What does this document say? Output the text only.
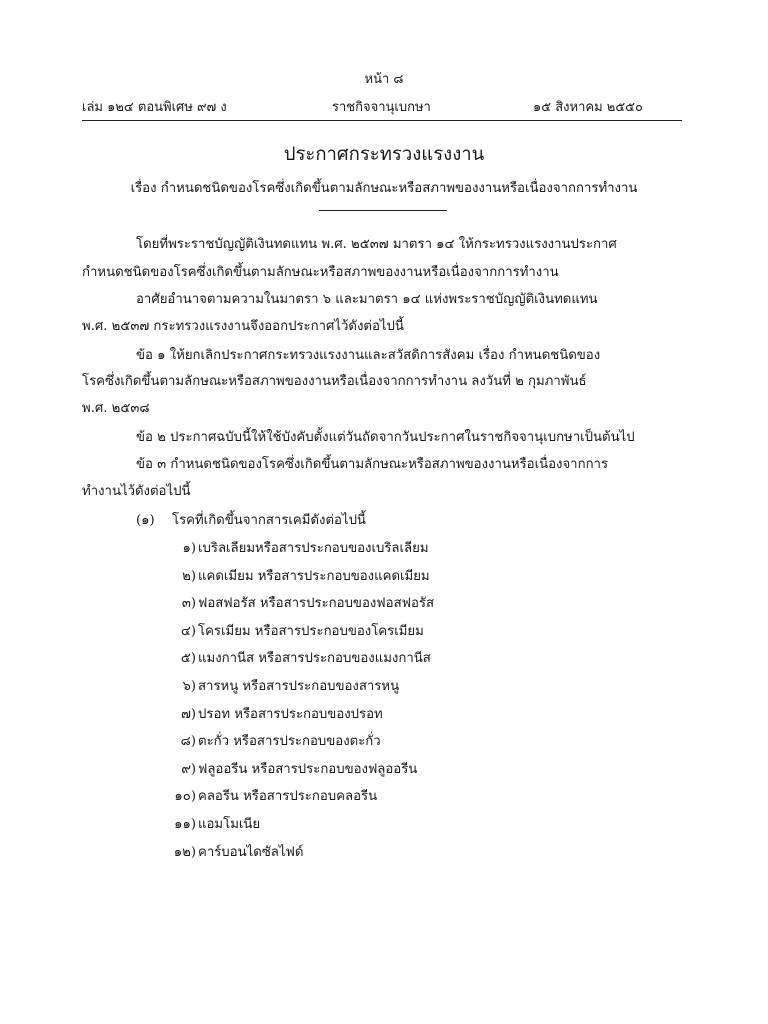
หน้า ๘
เล่ม ๑๒๔ ตอนพิเศษ ๙๗ ง	ราชกิจจานุเบกษา	๑๕ สิงหาคม ๒๕๕๐
ประกาศกระทรวงแรงงาน
เรื่อง กำหนดชนิดของโรคซึ่งเกิดขึ้นตามลักษณะหรือสภาพของงานหรือเนื่องจากการทำงาน
โดยที่พระราชบัญญัติเงินทดแทน พ.ศ. ๒๕๓๗ มาตรา ๑๔ ให้กระทรวงแรงงานประกาศ
กำหนดชนิดของโรคซึ่งเกิดขึ้นตามลักษณะหรือสภาพของงานหรือเนื่องจากการทำงาน
อาศัยอำนาจตามความในมาตรา ๖ และมาตรา ๑๔ แห่งพระราชบัญญัติเงินทดแทน
พ.ศ. ๒๕๓๗ กระทรวงแรงงานจึงออกประกาศไว้ดังต่อไปนี้
ข้อ ๑ ให้ยกเลิกประกาศกระทรวงแรงงานและสวัสดิการสังคม เรื่อง กำหนดชนิดของ
โรคซึ่งเกิดขึ้นตามลักษณะหรือสภาพของงานหรือเนื่องจากการทำงาน ลงวันที่ ๒ กุมภาพันธ์
พ.ศ. ๒๕๓๘
ข้อ ๒ ประกาศฉบับนี้ให้ใช้บังคับตั้งแต่วันถัดจากวันประกาศในราชกิจจานุเบกษาเป็นต้นไป
ข้อ ๓ กำหนดชนิดของโรคซึ่งเกิดขึ้นตามลักษณะหรือสภาพของงานหรือเนื่องจากการ
ทำงานไว้ดังต่อไปนี้
(๑) โรคที่เกิดขึ้นจากสารเคมีดังต่อไปนี้
๑) เบริลเลียมหรือสารประกอบของเบริลเลียม
๒) แคดเมียม หรือสารประกอบของแคดเมียม
๓) ฟอสฟอรัส หรือสารประกอบของฟอสฟอรัส
๔) โครเมียม หรือสารประกอบของโครเมียม
๕) แมงกานีส หรือสารประกอบของแมงกานีส
๖) สารหนู หรือสารประกอบของสารหนู
๗) ปรอท หรือสารประกอบของปรอท
๘) ตะกั่ว หรือสารประกอบของตะกั่ว
๙) ฟลูออรีน หรือสารประกอบของฟลูออรีน
๑๐) คลอรีน หรือสารประกอบคลอรีน
๑๑) แอมโมเนีย
๑๒) คาร์บอนไดซัลไฟด์
